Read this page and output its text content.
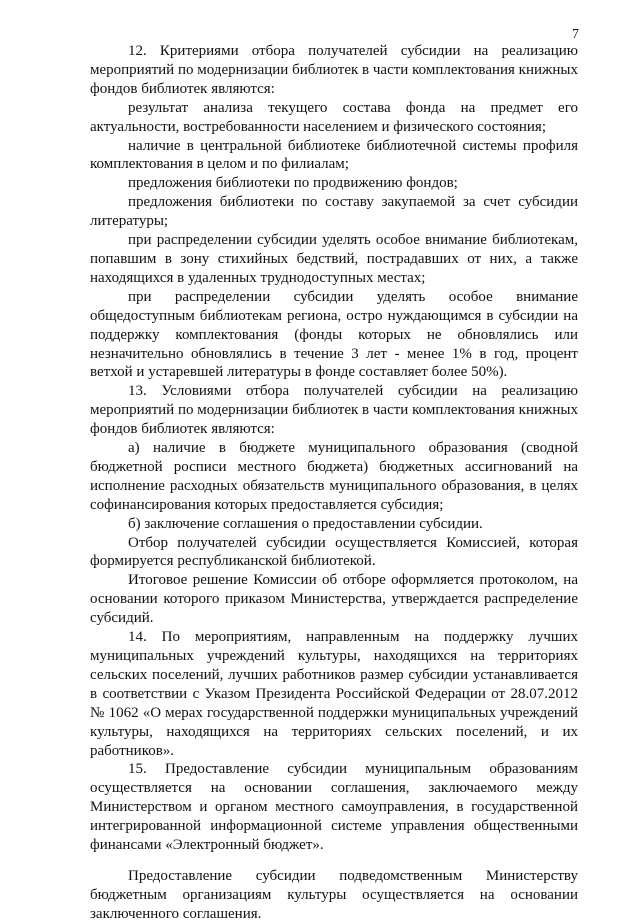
7

12. Критериями отбора получателей субсидии на реализацию мероприятий по модернизации библиотек в части комплектования книжных фондов библиотек являются:

результат анализа текущего состава фонда на предмет его актуальности, востребованности населением и физического состояния;

наличие в центральной библиотеке библиотечной системы профиля комплектования в целом и по филиалам;

предложения библиотеки по продвижению фондов;

предложения библиотеки по составу закупаемой за счет субсидии литературы;

при распределении субсидии уделять особое внимание библиотекам, попавшим в зону стихийных бедствий, пострадавших от них, а также находящихся в удаленных труднодоступных местах;

при распределении субсидии уделять особое внимание общедоступным библиотекам региона, остро нуждающимся в субсидии на поддержку комплектования (фонды которых не обновлялись или незначительно обновлялись в течение 3 лет - менее 1% в год, процент ветхой и устаревшей литературы в фонде составляет более 50%).

13. Условиями отбора получателей субсидии на реализацию мероприятий по модернизации библиотек в части комплектования книжных фондов библиотек являются:

а) наличие в бюджете муниципального образования (сводной бюджетной росписи местного бюджета) бюджетных ассигнований на исполнение расходных обязательств муниципального образования, в целях софинансирования которых предоставляется субсидия;

б) заключение соглашения о предоставлении субсидии.

Отбор получателей субсидии осуществляется Комиссией, которая формируется республиканской библиотекой.

Итоговое решение Комиссии об отборе оформляется протоколом, на основании которого приказом Министерства, утверждается распределение субсидий.

14. По мероприятиям, направленным на поддержку лучших муниципальных учреждений культуры, находящихся на территориях сельских поселений, лучших работников размер субсидии устанавливается в соответствии с Указом Президента Российской Федерации от 28.07.2012 № 1062 «О мерах государственной поддержки муниципальных учреждений культуры, находящихся на территориях сельских поселений, и их работников».

15. Предоставление субсидии муниципальным образованиям осуществляется на основании соглашения, заключаемого между Министерством и органом местного самоуправления, в государственной интегрированной информационной системе управления общественными финансами «Электронный бюджет».

Предоставление субсидии подведомственным Министерству бюджетным организациям культуры осуществляется на основании заключенного соглашения.
